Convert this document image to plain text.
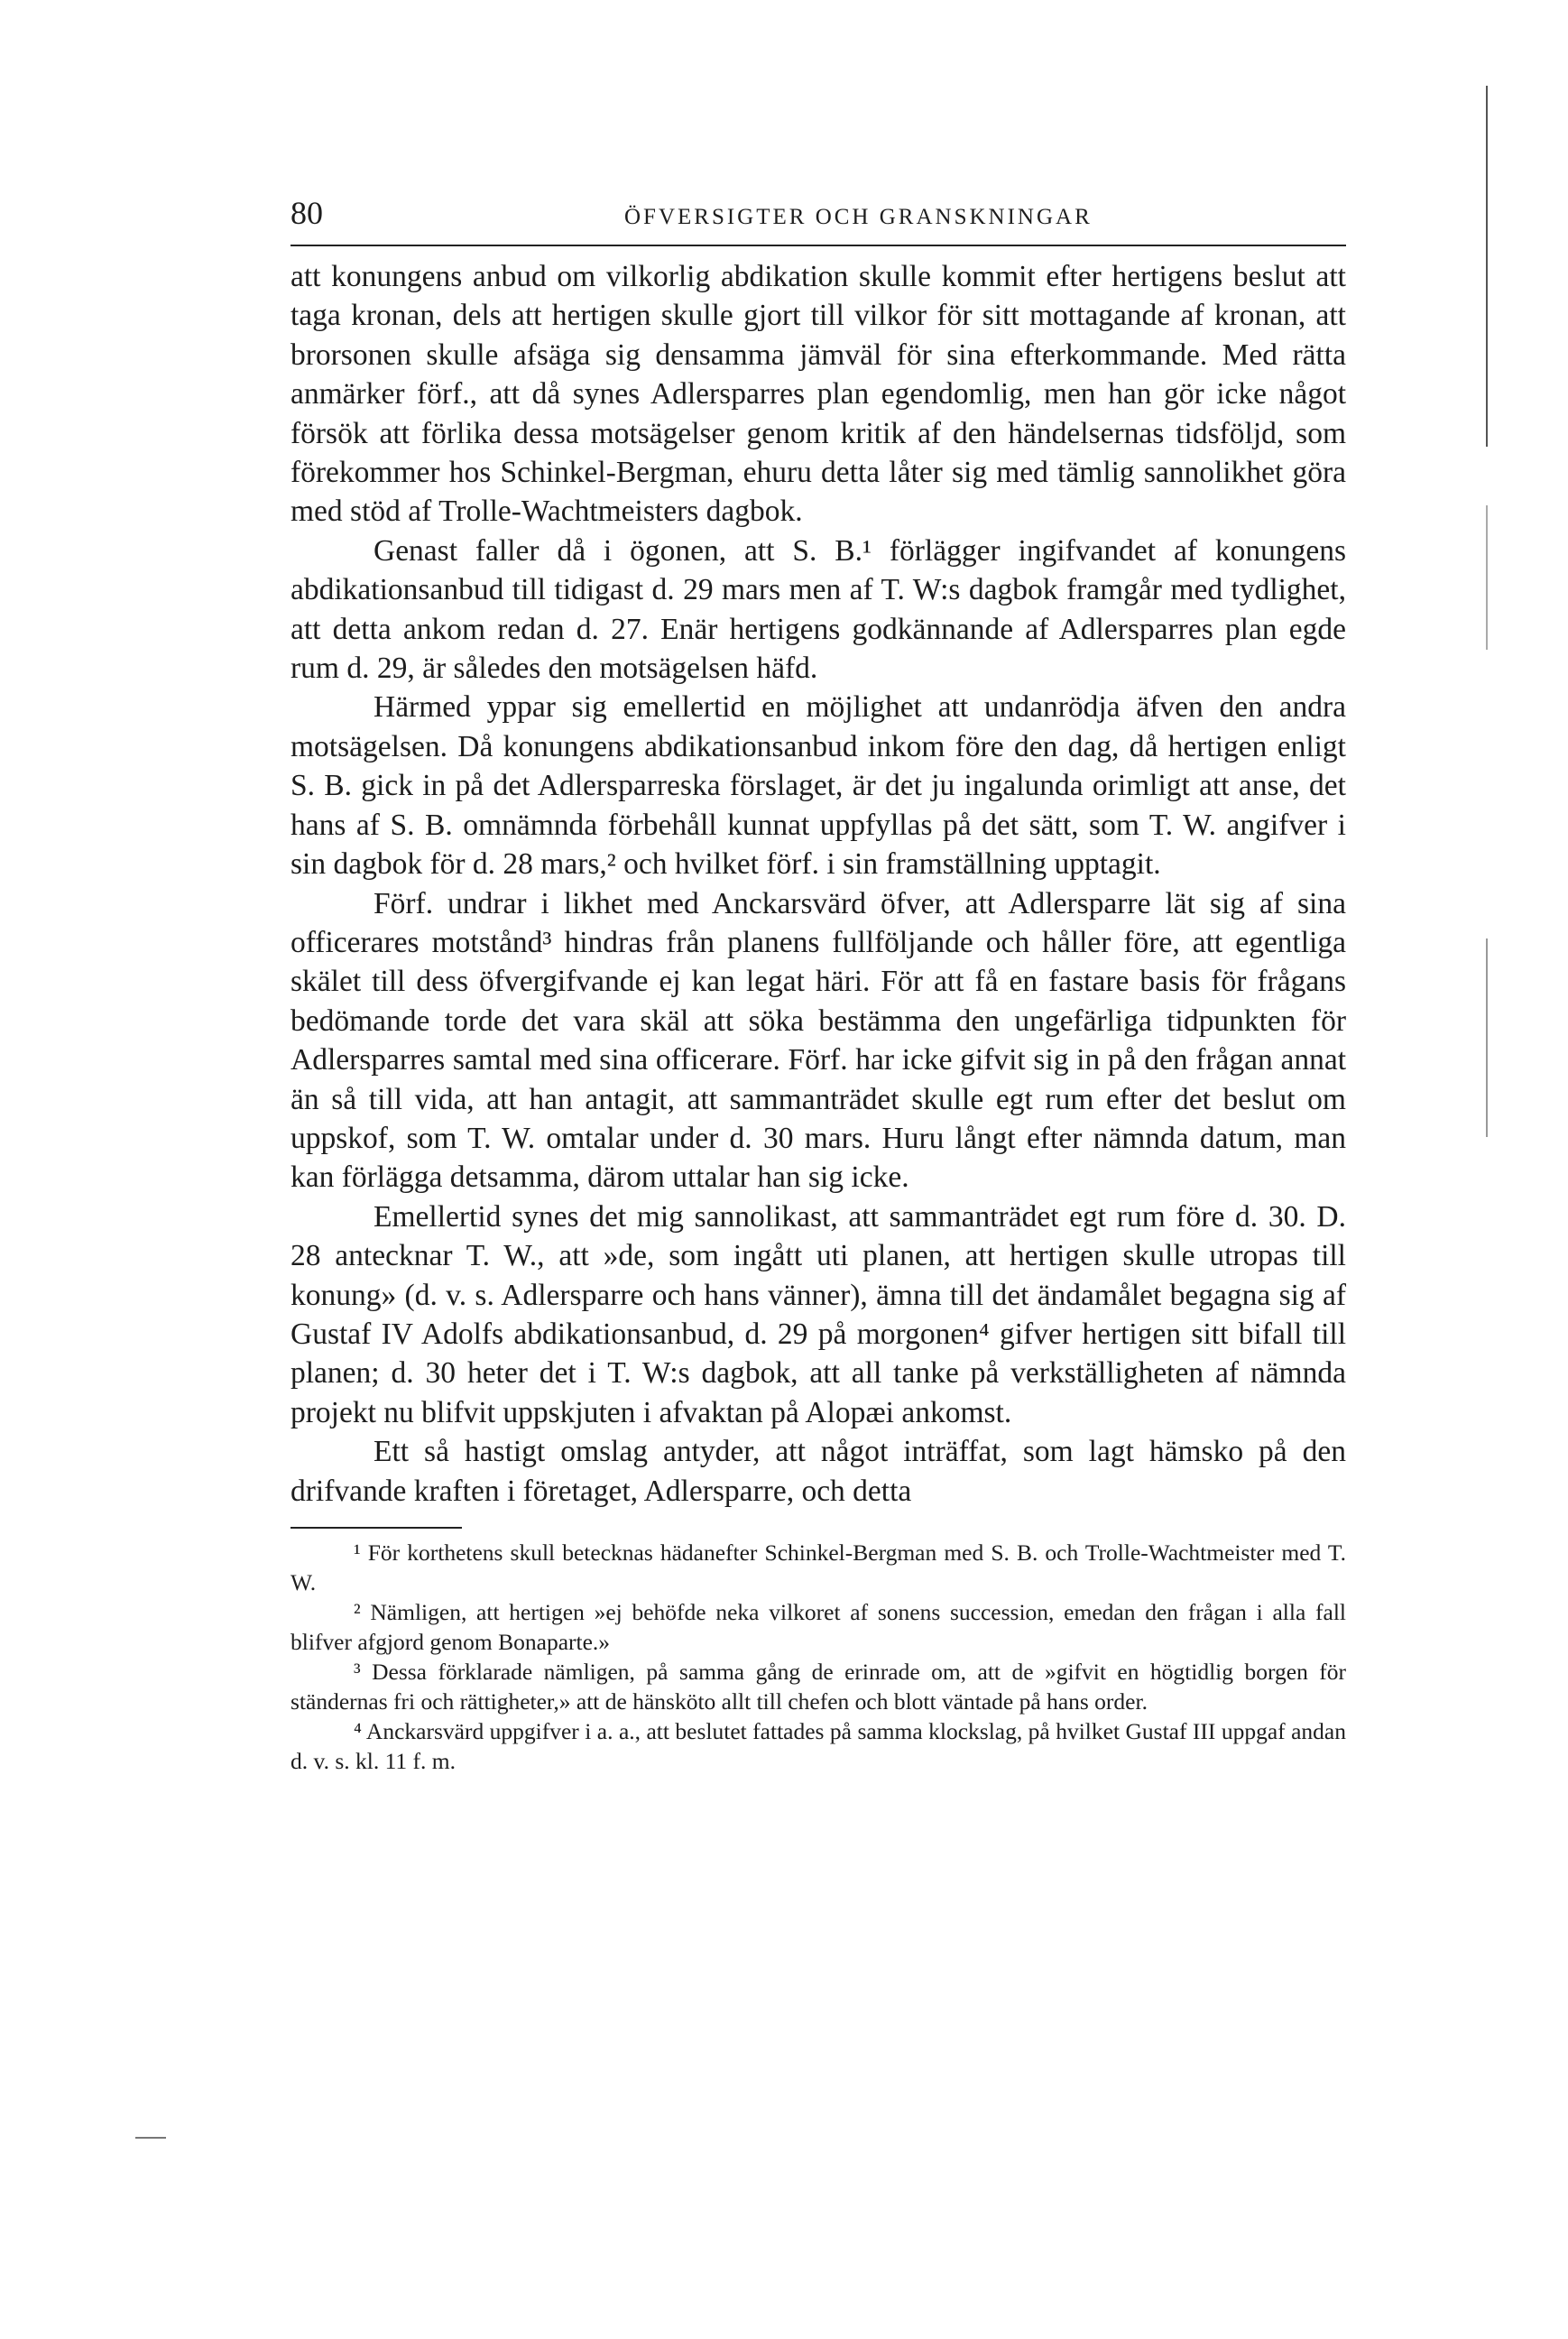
80	ÖFVERSIGTER OCH GRANSKNINGAR

att konungens anbud om vilkorlig abdikation skulle kommit efter hertigens beslut att taga kronan, dels att hertigen skulle gjort till vilkor för sitt mottagande af kronan, att brorsonen skulle afsäga sig densamma jämväl för sina efterkommande. Med rätta anmärker förf., att då synes Adlersparres plan egendomlig, men han gör icke något försök att förlika dessa motsägelser genom kritik af den händelsernas tidsföljd, som förekommer hos Schinkel-Bergman, ehuru detta låter sig med tämlig sannolikhet göra med stöd af Trolle-Wachtmeisters dagbok.

Genast faller då i ögonen, att S. B.¹ förlägger ingifvandet af konungens abdikationsanbud till tidigast d. 29 mars men af T. W:s dagbok framgår med tydlighet, att detta ankom redan d. 27. Enär hertigens godkännande af Adlersparres plan egde rum d. 29, är således den motsägelsen häfd.

Härmed yppar sig emellertid en möjlighet att undanrödja äfven den andra motsägelsen. Då konungens abdikationsanbud inkom före den dag, då hertigen enligt S. B. gick in på det Adlersparreska förslaget, är det ju ingalunda orimligt att anse, det hans af S. B. omnämnda förbehåll kunnat uppfyllas på det sätt, som T. W. angifver i sin dagbok för d. 28 mars,² och hvilket förf. i sin framställning upptagit.

Förf. undrar i likhet med Anckarsvärd öfver, att Adlersparre lät sig af sina officerares motstånd³ hindras från planens fullföljande och håller före, att egentliga skälet till dess öfvergifvande ej kan legat häri. För att få en fastare basis för frågans bedömande torde det vara skäl att söka bestämma den ungefärliga tidpunkten för Adlersparres samtal med sina officerare. Förf. har icke gifvit sig in på den frågan annat än så till vida, att han antagit, att sammanträdet skulle egt rum efter det beslut om uppskof, som T. W. omtalar under d. 30 mars. Huru långt efter nämnda datum, man kan förlägga detsamma, därom uttalar han sig icke.

Emellertid synes det mig sannolikast, att sammanträdet egt rum före d. 30. D. 28 antecknar T. W., att »de, som ingått uti planen, att hertigen skulle utropas till konung» (d. v. s. Adlersparre och hans vänner), ämna till det ändamålet begagna sig af Gustaf IV Adolfs abdikationsanbud, d. 29 på morgonen⁴ gifver hertigen sitt bifall till planen; d. 30 heter det i T. W:s dagbok, att all tanke på verkställigheten af nämnda projekt nu blifvit uppskjuten i afvaktan på Alopæi ankomst.

Ett så hastigt omslag antyder, att något inträffat, som lagt hämsko på den drifvande kraften i företaget, Adlersparre, och detta

¹ För korthetens skull betecknas hädanefter Schinkel-Bergman med S. B. och Trolle-Wachtmeister med T. W.

² Nämligen, att hertigen »ej behöfde neka vilkoret af sonens succession, emedan den frågan i alla fall blifver afgjord genom Bonaparte.»

³ Dessa förklarade nämligen, på samma gång de erinrade om, att de »gifvit en högtidlig borgen för ständernas fri och rättigheter,» att de hänsköto allt till chefen och blott väntade på hans order.

⁴ Anckarsvärd uppgifver i a. a., att beslutet fattades på samma klockslag, på hvilket Gustaf III uppgaf andan d. v. s. kl. 11 f. m.
